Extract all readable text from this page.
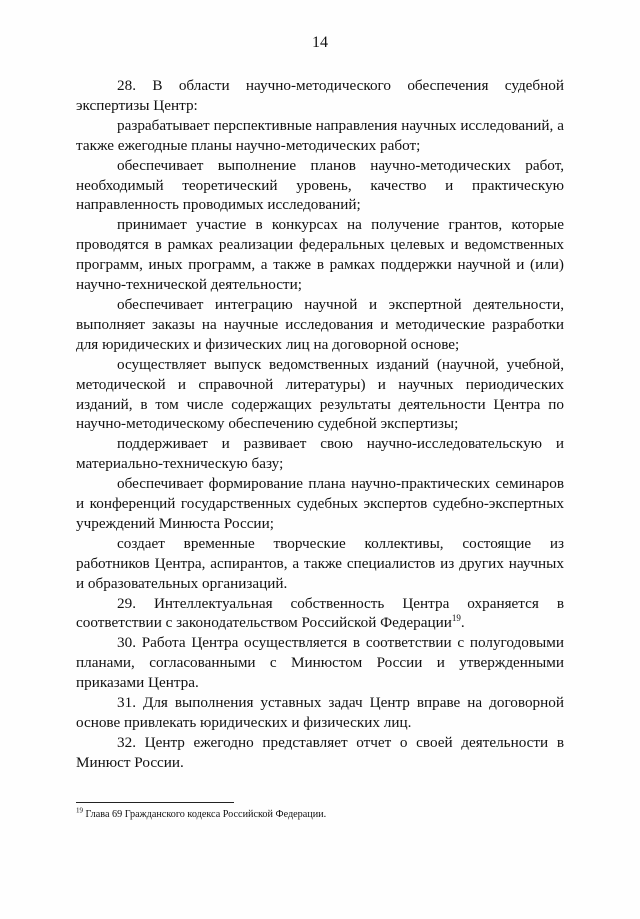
14

28. В области научно-методического обеспечения судебной экспертизы Центр:

разрабатывает перспективные направления научных исследований, а также ежегодные планы научно-методических работ;

обеспечивает выполнение планов научно-методических работ, необходимый теоретический уровень, качество и практическую направленность проводимых исследований;

принимает участие в конкурсах на получение грантов, которые проводятся в рамках реализации федеральных целевых и ведомственных программ, иных программ, а также в рамках поддержки научной и (или) научно-технической деятельности;

обеспечивает интеграцию научной и экспертной деятельности, выполняет заказы на научные исследования и методические разработки для юридических и физических лиц на договорной основе;

осуществляет выпуск ведомственных изданий (научной, учебной, методической и справочной литературы) и научных периодических изданий, в том числе содержащих результаты деятельности Центра по научно-методическому обеспечению судебной экспертизы;

поддерживает и развивает свою научно-исследовательскую и материально-техническую базу;

обеспечивает формирование плана научно-практических семинаров и конференций государственных судебных экспертов судебно-экспертных учреждений Минюста России;

создает временные творческие коллективы, состоящие из работников Центра, аспирантов, а также специалистов из других научных и образовательных организаций.

29. Интеллектуальная собственность Центра охраняется в соответствии с законодательством Российской Федерации$^{19}$.

30. Работа Центра осуществляется в соответствии с полугодовыми планами, согласованными с Минюстом России и утвержденными приказами Центра.

31. Для выполнения уставных задач Центр вправе на договорной основе привлекать юридических и физических лиц.

32. Центр ежегодно представляет отчет о своей деятельности в Минюст России.

$^{19}$ Глава 69 Гражданского кодекса Российской Федерации.
